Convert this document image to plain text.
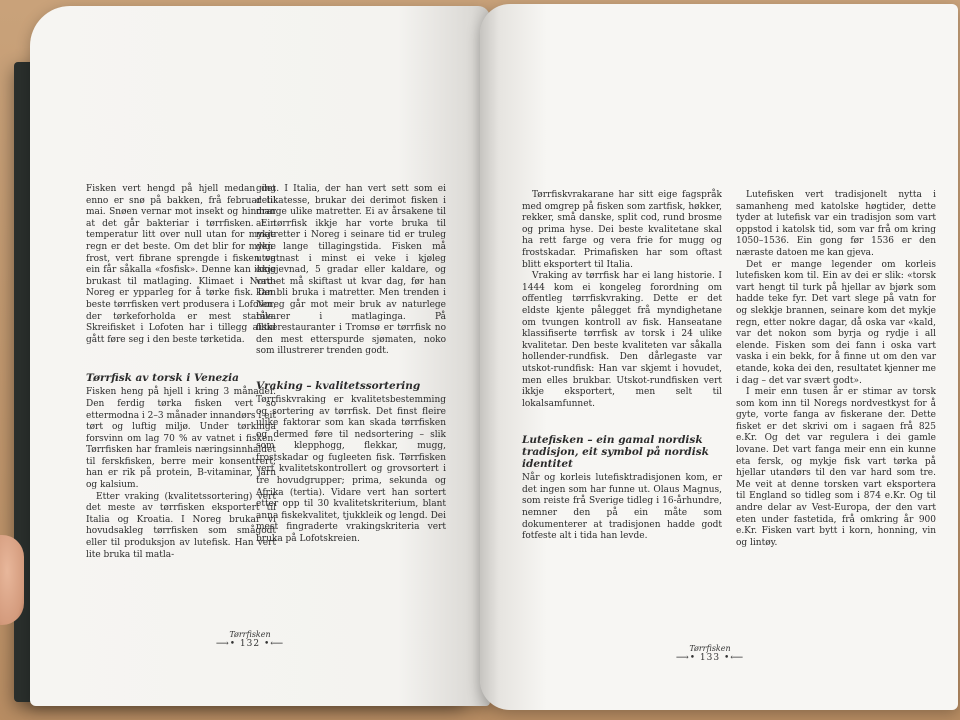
Fisken vert hengd på hjell medan det enno er snø på bakken, frå februar til mai. Snøen vernar mot insekt og hindrar at det går bakteriar i tørrfisken. Ein temperatur litt over null utan for mykje regn er det beste. Om det blir for mykje frost, vert fibrane sprengde i fisken og ein får såkalla «fosfisk». Denne kan ikkje brukast til matlaging. Klimaet i Nord-Noreg er ypparleg for å tørke fisk. Den beste tørrfisken vert produsera i Lofoten, der tørkeforholda er mest stabile. Skreifisket i Lofoten har i tillegg alltid gått føre seg i den beste tørketida.

Tørrfisk av torsk i Venezia

Fisken heng på hjell i kring 3 månader. Den ferdig tørka fisken vert so ettermodna i 2–3 månader innandørs i eit tørt og luftig miljø. Under tørkinga forsvinn om lag 70 % av vatnet i fisken. Tørrfisken har framleis næringsinnhaldet til ferskfisken, berre meir konsentrert; han er rik på protein, B-vitaminar, jarn og kalsium.

Etter vraking (kvalitetssortering) vert det meste av tørrfisken eksportert til Italia og Kroatia. I Noreg brukar vi hovudsakleg tørrfisken som smågodt eller til produksjon av lutefisk. Han vert lite bruka til matla-

ging. I Italia, der han vert sett som ei delikatesse, brukar dei derimot fisken i mange ulike matretter. Ei av årsakene til at tørrfisk ikkje har vorte bruka til matretter i Noreg i seinare tid er truleg den lange tillagingstida. Fisken må utvatnast i minst ei veke i kjøleg omgjevnad, 5 gradar eller kaldare, og vatnet må skiftast ut kvar dag, før han kan bli bruka i matretter. Men trenden i Noreg går mot meir bruk av naturlege råvarer i matlaginga. På fiskerestauranter i Tromsø er tørrfisk no den mest etterspurde sjømaten, noko som illustrerer trenden godt.

Vraking – kvalitetssortering

Tørrfiskvraking er kvalitetsbestemming og sortering av tørrfisk. Det finst fleire ulike faktorar som kan skada tørrfisken og dermed føre til nedsortering – slik som klepphogg, flekkar, mugg, frostskadar og fugleeten fisk. Tørrfisken vert kvalitetskontrollert og grovsortert i tre hovudgrupper; prima, sekunda og Afrika (tertia). Vidare vert han sortert etter opp til 30 kvalitetskriterium, blant anna fiskekvalitet, tjukkleik og lengd. Dei mest fingraderte vrakingskriteria vert bruka på Lofotskreien.

Tørrfisken
⟶• 132 •⟵

Tørrfiskvrakarane har sitt eige fagspråk med omgrep på fisken som zartfisk, høkker, rekker, små danske, split cod, rund brosme og prima hyse. Dei beste kvalitetane skal ha rett farge og vera frie for mugg og frostskadar. Primafisken har som oftast blitt eksportert til Italia.

Vraking av tørrfisk har ei lang historie. I 1444 kom ei kongeleg forordning om offentleg tørrfiskvraking. Dette er det eldste kjente pålegget frå myndighetane om tvungen kontroll av fisk. Hanseatane klassifiserte tørrfisk av torsk i 24 ulike kvalitetar. Den beste kvaliteten var såkalla hollender-rundfisk. Den dårlegaste var utskot-rundfisk: Han var skjemt i hovudet, men elles brukbar. Utskot-rundfisken vert ikkje eksportert, men selt til lokalsamfunnet.

Lutefisken – ein gamal nordisk tradisjon, eit symbol på nordisk identitet

Når og korleis lutefisktradisjonen kom, er det ingen som har funne ut. Olaus Magnus, som reiste frå Sverige tidleg i 16-århundre, nemner den på ein måte som dokumenterer at tradisjonen hadde godt fotfeste alt i tida han levde.

Lutefisken vert tradisjonelt nytta i samanheng med katolske høgtider, dette tyder at lutefisk var ein tradisjon som vart oppstod i katolsk tid, som var frå om kring 1050–1536. Ein gong før 1536 er den næraste datoen me kan gjeva.

Det er mange legender om korleis lutefisken kom til. Ein av dei er slik: «torsk vart hengt til turk på hjellar av bjørk som hadde teke fyr. Det vart slege på vatn for og slekkje brannen, seinare kom det mykje regn, etter nokre dagar, då oska var «kald, var det nokon som byrja og rydje i all elende. Fisken som dei fann i oska vart vaska i ein bekk, for å finne ut om den var etande, koka dei den, resultatet kjenner me i dag – det var svært godt».

I meir enn tusen år er stimar av torsk som kom inn til Noregs nordvestkyst for å gyte, vorte fanga av fiskerane der. Dette fisket er det skrivi om i sagaen frå 825 e.Kr. Og det var regulera i dei gamle lovane. Det vart fanga meir enn ein kunne eta fersk, og mykje fisk vart tørka på hjellar utandørs til den var hard som tre. Me veit at denne torsken vart eksportera til England so tidleg som i 874 e.Kr. Og til andre delar av Vest-Europa, der den vart eten under fastetida, frå omkring år 900 e.Kr. Fisken vart bytt i korn, honning, vin og lintøy.

Tørrfisken
⟶• 133 •⟵
